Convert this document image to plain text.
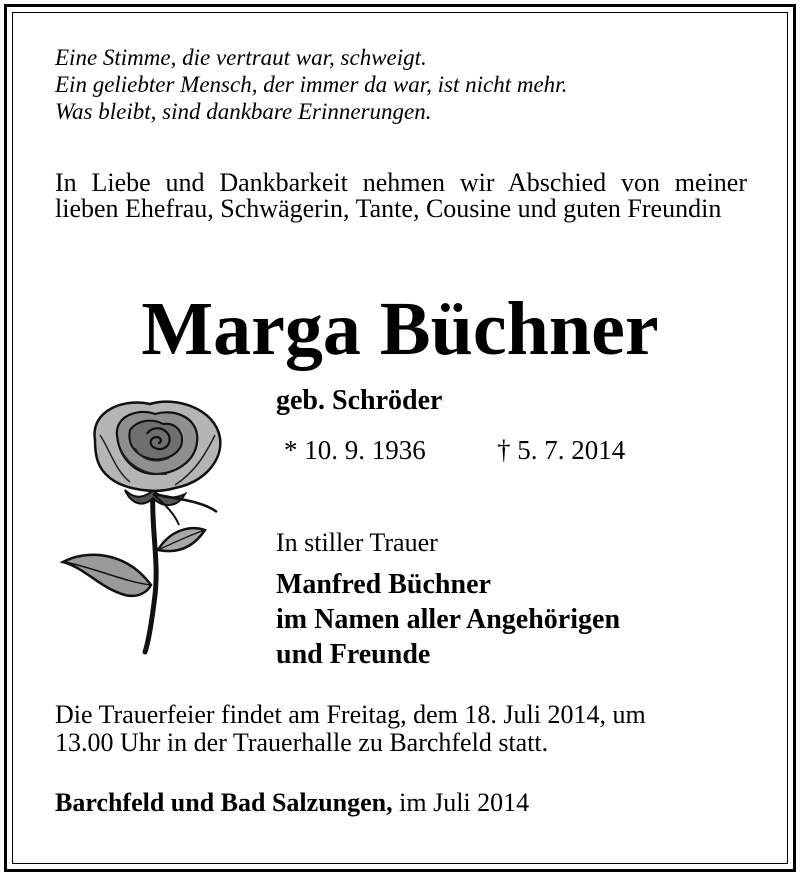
Eine Stimme, die vertraut war, schweigt.
Ein geliebter Mensch, der immer da war, ist nicht mehr.
Was bleibt, sind dankbare Erinnerungen.

In Liebe und Dankbarkeit nehmen wir Abschied von meiner lieben Ehefrau, Schwägerin, Tante, Cousine und guten Freundin

Marga Büchner
geb. Schröder
* 10. 9. 1936	† 5. 7. 2014
In stiller Trauer
Manfred Büchner
im Namen aller Angehörigen
und Freunde
Die Trauerfeier findet am Freitag, dem 18. Juli 2014, um
13.00 Uhr in der Trauerhalle zu Barchfeld statt.
Barchfeld und Bad Salzungen, im Juli 2014
